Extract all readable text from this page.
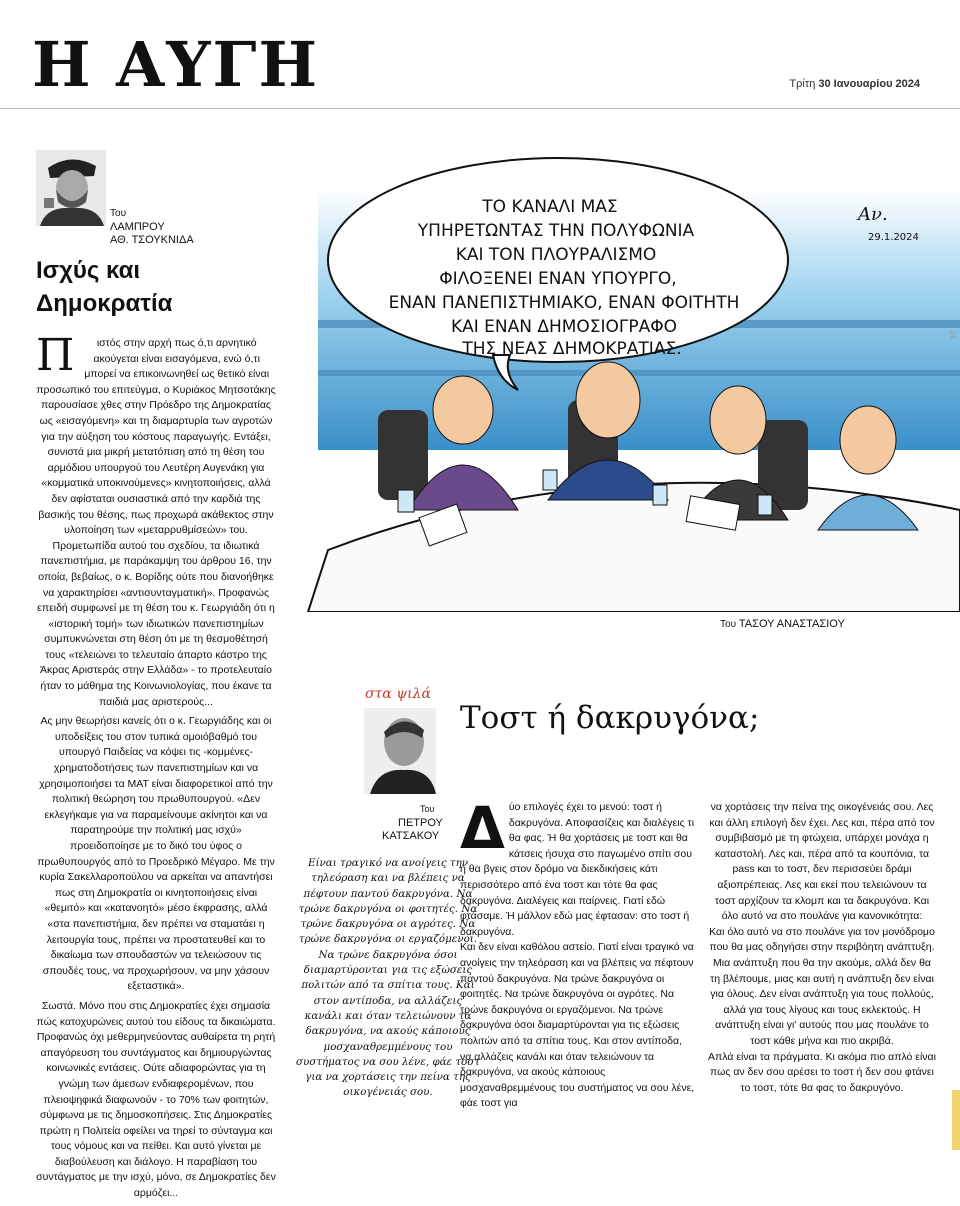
Η ΑΥΓΗ	Τρίτη 30 Ιανουαρίου 2024
Του
ΛΑΜΠΡΟΥ
ΑΘ. ΤΣΟΥΚΝΙΔΑ
Ισχύς και
Δημοκρατία

Π ιστός στην αρχή πως ό,τι αρνητικό ακούγεται είναι εισαγόμενα, ενώ ό,τι μπορεί να επικοινωνηθεί ως θετικό είναι προσωπικό του επιτεύγμα, ο Κυριάκος Μητσοτάκης παρουσίασε χθες στην Πρόεδρο της Δημοκρατίας ως «εισαγόμενη» και τη διαμαρτυρία των αγροτών για την αύξηση του κόστους παραγωγής. Εντάξει, συνιστά μια μικρή μετατόπιση από τη θέση του αρμόδιου υπουργού του Λευτέρη Αυγενάκη για «κομματικά υποκινούμενες» κινητοποιήσεις, αλλά δεν αφίσταται ουσιαστικά από την καρδιά της βασικής του θέσης, πως προχωρά ακάθεκτος στην υλοποίηση των «μεταρρυθμίσεών» του. Προμετωπίδα αυτού του σχεδίου, τα ιδιωτικά πανεπιστήμια, με παράκαμψη του άρθρου 16, την οποία, βεβαίως, ο κ. Βορίδης ούτε που διανοήθηκε να χαρακτηρίσει «αντισυνταγματική». Προφανώς επειδή συμφωνεί με τη θέση του κ. Γεωργιάδη ότι η «ιστορική τομή» των ιδιωτικών πανεπιστημίων συμπυκνώνεται στη θέση ότι με τη θεσμοθέτησή τους «τελειώνει το τελευταίο άπαρτο κάστρο της Άκρας Αριστεράς στην Ελλάδα» - το προτελευταίο ήταν το μάθημα της Κοινωνιολογίας, που έκανε τα παιδιά μας αριστερούς...

Ας μην θεωρήσει κανείς ότι ο κ. Γεωργιάδης και οι υποδείξεις του στον τυπικά ομοιόβαθμό του υπουργό Παιδείας να κόψει τις -κομμένες- χρηματοδοτήσεις των πανεπιστημίων και να χρησιμοποιήσει τα ΜΑΤ είναι διαφορετικοί από την πολιτική θεώρηση του πρωθυπουργού. «Δεν εκλεγήκαμε για να παραμείνουμε ακίνητοι και να παρατηρούμε την πολιτική μας ισχύ» προειδοποίησε με το δικό του ύφος ο πρωθυπουργός από το Προεδρικό Μέγαρο. Με την κυρία Σακελλαροπούλου να αρκείται να απαντήσει πως στη Δημοκρατία οι κινητοποιήσεις είναι «θεμιτό» και «κατανοητό» μέσο έκφρασης, αλλά «στα πανεπιστήμια, δεν πρέπει να σταματάει η λειτουργία τους, πρέπει να προστατευθεί και το δικαίωμα των σπουδαστών να τελειώσουν τις σπουδές τους, να προχωρήσουν, να μην χάσουν εξεταστικά».

Σωστά. Μόνο που στις Δημοκρατίες έχει σημασία πώς κατοχυρώνεις αυτού του είδους τα δικαιώματα. Προφανώς όχι μεθερμηνεύοντας αυθαίρετα τη ρητή απαγόρευση του συντάγματος και δημιουργώντας κοινωνικές εντάσεις. Ούτε αδιαφορώντας για τη γνώμη των άμεσων ενδιαφερομένων, που πλειοψηφικά διαφωνούν - το 70% των φοιτητών, σύμφωνα με τις δημοσκοπήσεις. Στις Δημοκρατίες πρώτη η Πολιτεία οφείλει να τηρεί το σύνταγμα και τους νόμους και να πείθει. Και αυτό γίνεται με διαβούλευση και διάλογο. Η παραβίαση του συντάγματος με την ισχύ, μόνο, σε Δημοκρατίες δεν αρμόζει...

ΤΟ ΚΑΝΑΛΙ ΜΑΣ
ΥΠΗΡΕΤΩΝΤΑΣ ΤΗΝ ΠΟΛΥΦΩΝΙΑ
ΚΑΙ ΤΟΝ ΠΛΟΥΡΑΛΙΣΜΟ
ΦΙΛΟΞΕΝΕΙ ΕΝΑΝ ΥΠΟΥΡΓΟ,
ΕΝΑΝ ΠΑΝΕΠΙΣΤΗΜΙΑΚΟ, ΕΝΑΝ ΦΟΙΤΗΤΗ
ΚΑΙ ΕΝΑΝ ΔΗΜΟΣΙΟΓΡΑΦΟ
ΤΗΣ ΝΕΑΣ ΔΗΜΟΚΡΑΤΙΑΣ.
Αν.
29.1.2024
Του ΤΑΣΟΥ ΑΝΑΣΤΑΣΙΟΥ
στα ψιλά
Του
ΠΕΤΡΟΥ
ΚΑΤΣΑΚΟΥ
Τοστ ή δακρυγόνα;
Είναι τραγικό να ανοίγεις την τηλεόραση και να βλέπεις να πέφτουν παντού δακρυγόνα. Να τρώνε δακρυγόνα οι φοιτητές. Να τρώνε δακρυγόνα οι αγρότες. Να τρώνε δακρυγόνα οι εργαζόμενοι. Να τρώνε δακρυγόνα όσοι διαμαρτύρονται για τις εξώσεις πολιτών από τα σπίτια τους. Και στον αντίποδα, να αλλάζεις κανάλι και όταν τελειώνουν τα δακρυγόνα, να ακούς κάποιους μοσχαναθρεμμένους του συστήματος να σου λένε, φάε τοστ για να χορτάσεις την πείνα της οικογένειάς σου.

Δύο επιλογές έχει το μενού: τοστ ή δακρυγόνα. Αποφασίζεις και διαλέγεις τι θα φας. Ή θα χορτάσεις με τοστ και θα κάτσεις ήσυχα στο παγωμένο σπίτι σου ή θα βγεις στον δρόμο να διεκδικήσεις κάτι περισσότερο από ένα τοστ και τότε θα φας δακρυγόνα. Διαλέγεις και παίρνεις. Γιατί εδώ φτάσαμε. Ή μάλλον εδώ μας έφτασαν: στο τοστ ή δακρυγόνα.

Και δεν είναι καθόλου αστείο. Γιατί είναι τραγικό να ανοίγεις την τηλεόραση και να βλέπεις να πέφτουν παντού δακρυγόνα. Να τρώνε δακρυγόνα οι φοιτητές. Να τρώνε δακρυγόνα οι αγρότες. Να τρώνε δακρυγόνα οι εργαζόμενοι. Να τρώνε δακρυγόνα όσοι διαμαρτύρονται για τις εξώσεις πολιτών από τα σπίτια τους. Και στον αντίποδα, να αλλάζεις κανάλι και όταν τελειώνουν τα δακρυγόνα, να ακούς κάποιους μοσχαναθρεμμένους του συστήματος να σου λένε, φάε τοστ για

να χορτάσεις την πείνα της οικογένειάς σου. Λες και άλλη επιλογή δεν έχει. Λες και, πέρα από τον συμβιβασμό με τη φτώχεια, υπάρχει μονάχα η καταστολή. Λες και, πέρα από τα κουπόνια, τα pass και το τοστ, δεν περισσεύει δράμι αξιοπρέπειας. Λες και εκεί που τελειώνουν τα τοστ αρχίζουν τα κλομπ και τα δακρυγόνα. Και όλο αυτό να στο πουλάνε για κανονικότητα:

Και όλο αυτό να στο πουλάνε για τον μονόδρομο που θα μας οδηγήσει στην περιβόητη ανάπτυξη. Μια ανάπτυξη που θα την ακούμε, αλλά δεν θα τη βλέπουμε, μιας και αυτή η ανάπτυξη δεν είναι για όλους. Δεν είναι ανάπτυξη για τους πολλούς, αλλά για τους λίγους και τους εκλεκτούς. Η ανάπτυξη είναι γι' αυτούς που μας πουλάνε το τοστ κάθε μήνα και πιο ακριβά.

Απλά είναι τα πράγματα. Κι ακόμα πιο απλό είναι πως αν δεν σου αρέσει το τοστ ή δεν σου φτάνει το τοστ, τότε θα φας το δακρυγόνο.

24
